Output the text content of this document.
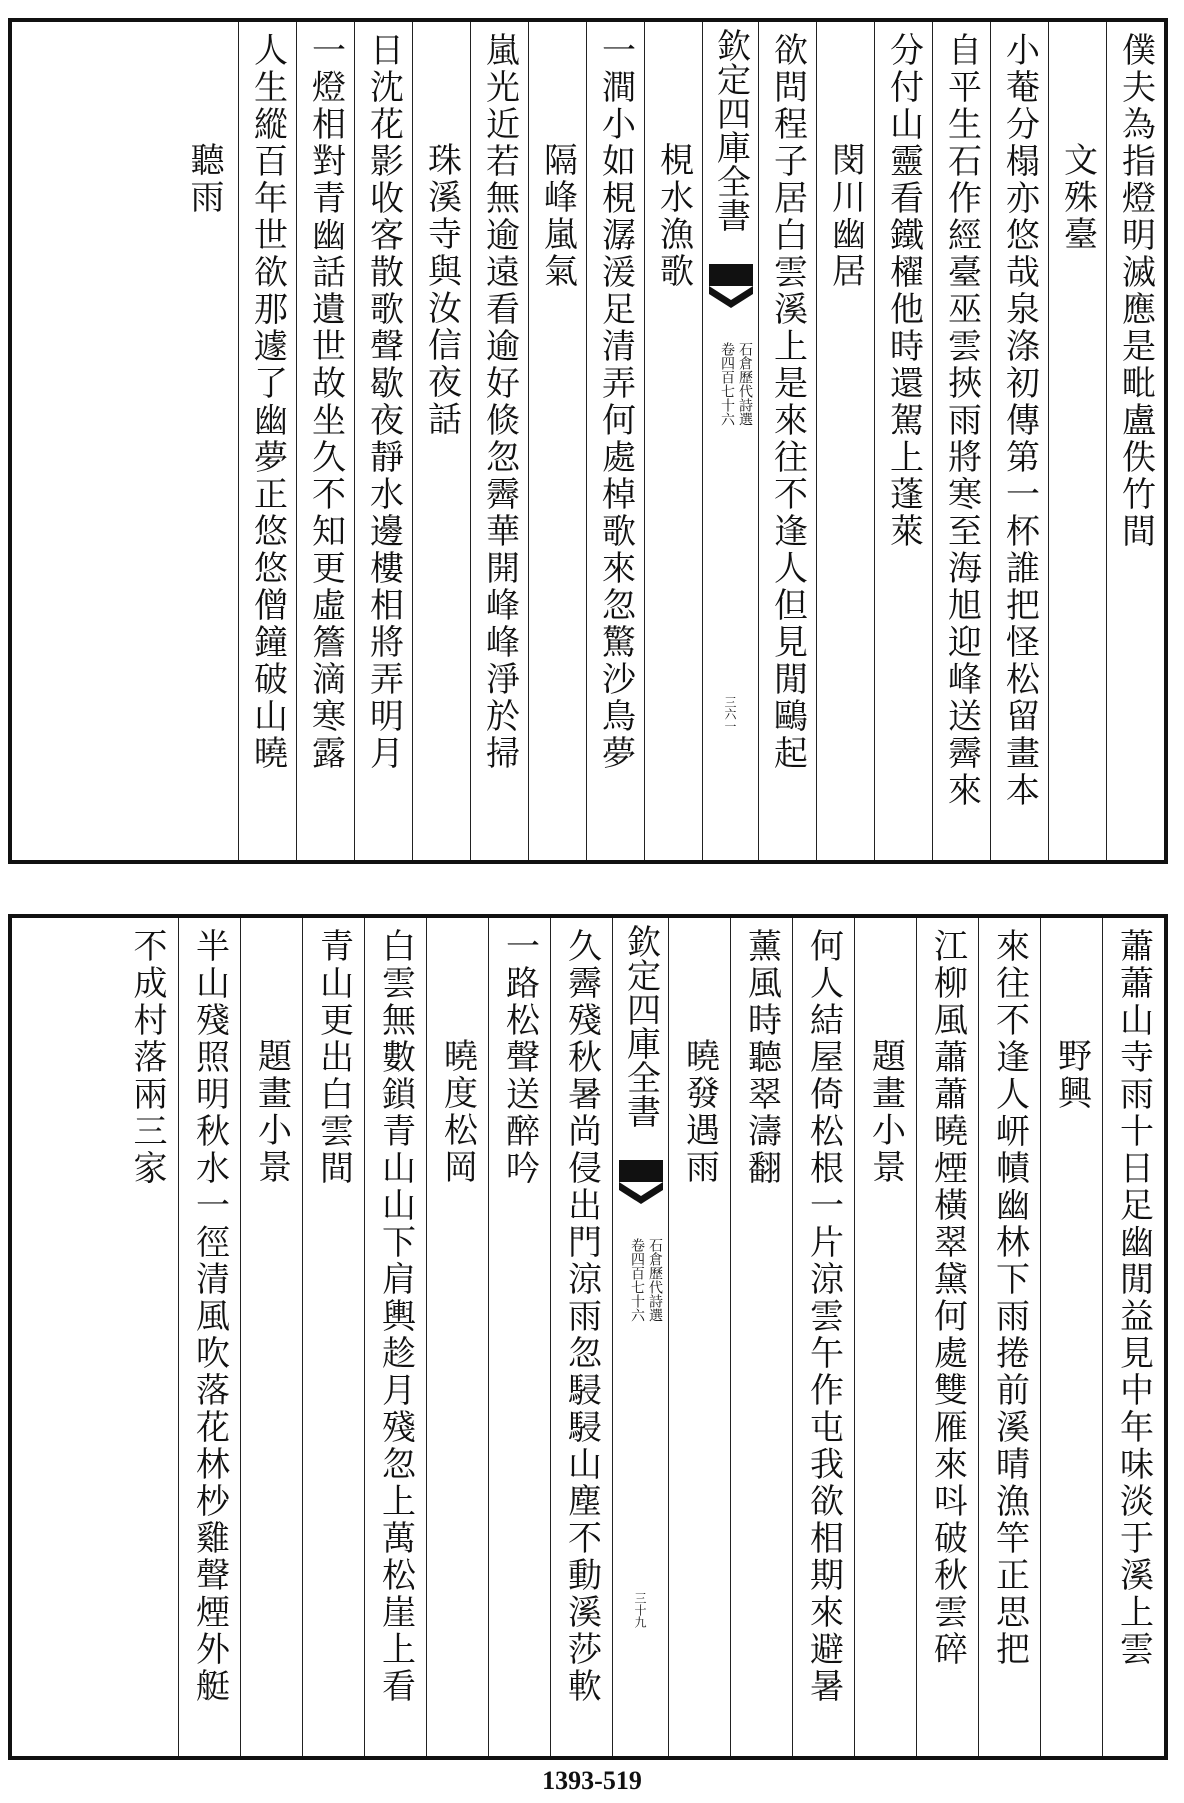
僕夫為指燈明滅應是毗盧佚竹間
文殊臺
小菴分榻亦悠哉泉涤初傳第一杯誰把怪松留畫本
自平生石作經臺巫雲挾雨將寒至海旭迎峰送霽來
分付山靈看鐵櫂他時還駕上蓬萊
閔川幽居
欲問程子居白雲溪上是來往不逢人但見閒鷗起
欽定四庫全書
石倉歷代詩選
卷四百七十六
三六一
梘水漁歌
一澗小如梘潺湲足清弄何處棹歌來忽驚沙鳥夢
隔峰嵐氣
嵐光近若無逾遠看逾好倐忽霽華開峰峰淨於掃
珠溪寺與汝信夜話
日沈花影收客散歌聲歇夜靜水邊樓相將弄明月
一燈相對青幽話遺世故坐久不知更虛簷滴寒露
人生縱百年世欲那遽了幽夢正悠悠僧鐘破山曉
聽雨
蕭蕭山寺雨十日足幽閒益見中年味淡于溪上雲
野興
來往不逢人岍幘幽林下雨捲前溪晴漁竿正思把
江柳風蕭蕭曉煙橫翠黛何處雙雁來呌破秋雲碎
題畫小景
何人結屋倚松根一片涼雲午作屯我欲相期來避暑
薰風時聽翠濤翻
曉發遇雨
欽定四庫全書
石倉歷代詩選
卷四百七十六
三十九
久霽殘秋暑尚侵出門涼雨忽駸駸山塵不動溪莎軟
一路松聲送醉吟
曉度松岡
白雲無數鎖青山山下肩輿趁月殘忽上萬松崖上看
青山更出白雲間
題畫小景
半山殘照明秋水一徑清風吹落花林杪雞聲煙外艇
不成村落兩三家
1393-519
